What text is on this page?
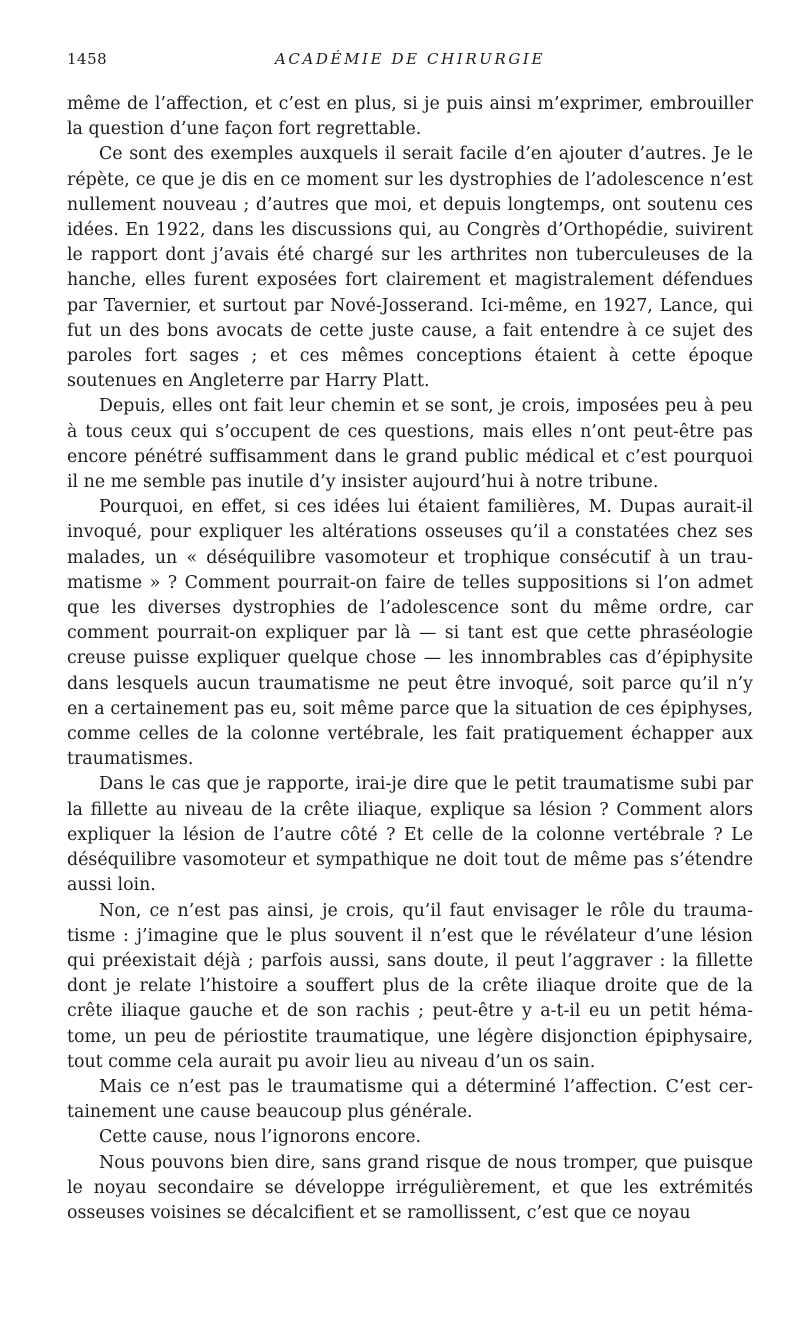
1458	ACADÉMIE DE CHIRURGIE

même de l’affection, et c’est en plus, si je puis ainsi m’exprimer, embrouiller la question d’une façon fort regrettable.

Ce sont des exemples auxquels il serait facile d’en ajouter d’autres. Je le répète, ce que je dis en ce moment sur les dystrophies de l’adolescence n’est nullement nouveau ; d’autres que moi, et depuis longtemps, ont soutenu ces idées. En 1922, dans les discussions qui, au Congrès d’Orthopédie, suivirent le rapport dont j’avais été chargé sur les arthrites non tuberculeuses de la hanche, elles furent exposées fort clairement et magistralement défendues par Tavernier, et surtout par Nové-Josserand. Ici-même, en 1927, Lance, qui fut un des bons avocats de cette juste cause, a fait entendre à ce sujet des paroles fort sages ; et ces mêmes conceptions étaient à cette époque soutenues en Angleterre par Harry Platt.

Depuis, elles ont fait leur chemin et se sont, je crois, imposées peu à peu à tous ceux qui s’occupent de ces questions, mais elles n’ont peut-être pas encore pénétré suffisamment dans le grand public médical et c’est pourquoi il ne me semble pas inutile d’y insister aujourd’hui à notre tribune.

Pourquoi, en effet, si ces idées lui étaient familières, M. Dupas aurait-il invoqué, pour expliquer les altérations osseuses qu’il a constatées chez ses malades, un « déséquilibre vasomoteur et trophique consécutif à un traumatisme » ? Comment pourrait-on faire de telles suppositions si l’on admet que les diverses dystrophies de l’adolescence sont du même ordre, car comment pourrait-on expliquer par là — si tant est que cette phraséologie creuse puisse expliquer quelque chose — les innombrables cas d’épiphysite dans lesquels aucun traumatisme ne peut être invoqué, soit parce qu’il n’y en a certainement pas eu, soit même parce que la situation de ces épiphyses, comme celles de la colonne vertébrale, les fait pratiquement échapper aux traumatismes.

Dans le cas que je rapporte, irai-je dire que le petit traumatisme subi par la fillette au niveau de la crête iliaque, explique sa lésion ? Comment alors expliquer la lésion de l’autre côté ? Et celle de la colonne vertébrale ? Le déséquilibre vasomoteur et sympathique ne doit tout de même pas s’étendre aussi loin.

Non, ce n’est pas ainsi, je crois, qu’il faut envisager le rôle du traumatisme : j’imagine que le plus souvent il n’est que le révélateur d’une lésion qui préexistait déjà ; parfois aussi, sans doute, il peut l’aggraver : la fillette dont je relate l’histoire a souffert plus de la crête iliaque droite que de la crête iliaque gauche et de son rachis ; peut-être y a-t-il eu un petit hématome, un peu de périostite traumatique, une légère disjonction épiphysaire, tout comme cela aurait pu avoir lieu au niveau d’un os sain.

Mais ce n’est pas le traumatisme qui a déterminé l’affection. C’est certainement une cause beaucoup plus générale.

Cette cause, nous l’ignorons encore.

Nous pouvons bien dire, sans grand risque de nous tromper, que puisque le noyau secondaire se développe irrégulièrement, et que les extrémités osseuses voisines se décalcifient et se ramollissent, c’est que ce noyau
